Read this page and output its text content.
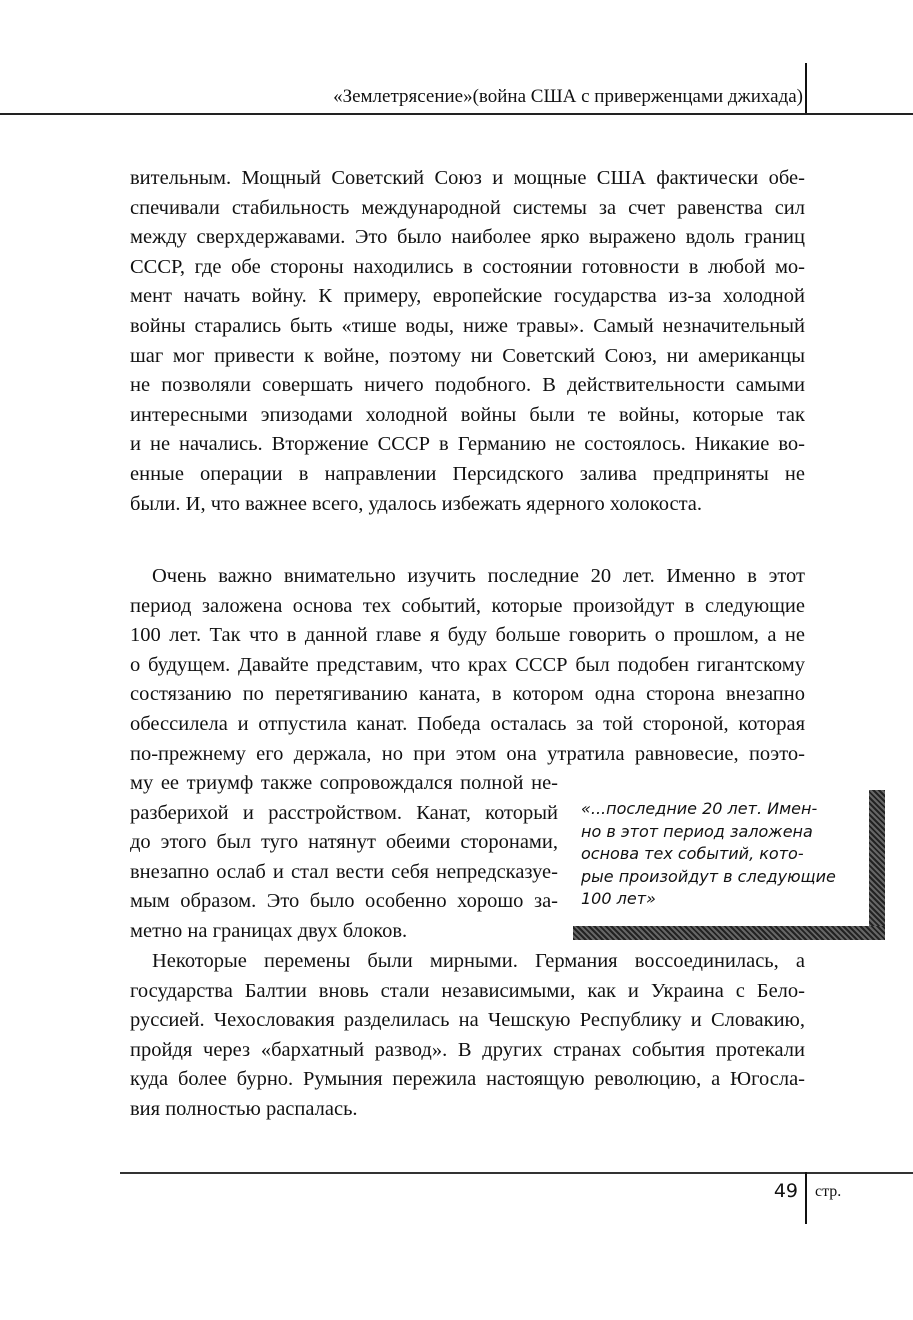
«Землетрясение»(война США с приверженцами джихада)
вительным. Мощный Советский Союз и мощные США фактически обе-
спечивали стабильность международной системы за счет равенства сил
между сверхдержавами. Это было наиболее ярко выражено вдоль границ
СССР, где обе стороны находились в состоянии готовности в любой мо-
мент начать войну. К примеру, европейские государства из-за холодной
войны старались быть «тише воды, ниже травы». Самый незначительный
шаг мог привести к войне, поэтому ни Советский Союз, ни американцы
не позволяли совершать ничего подобного. В действительности самыми
интересными эпизодами холодной войны были те войны, которые так
и не начались. Вторжение СССР в Германию не состоялось. Никакие во-
енные операции в направлении Персидского залива предприняты не
были. И, что важнее всего, удалось избежать ядерного холокоста.
Очень важно внимательно изучить последние 20 лет. Именно в этот
период заложена основа тех событий, которые произойдут в следующие
100 лет. Так что в данной главе я буду больше говорить о прошлом, а не
о будущем. Давайте представим, что крах СССР был подобен гигантскому
состязанию по перетягиванию каната, в котором одна сторона внезапно
обессилела и отпустила канат. Победа осталась за той стороной, которая
по-прежнему его держала, но при этом она утратила равновесие, поэто-
му ее триумф также сопровождался полной не-
разберихой и расстройством. Канат, который
до этого был туго натянут обеими сторонами,
внезапно ослаб и стал вести себя непредсказуе-
мым образом. Это было особенно хорошо за-
метно на границах двух блоков.
Некоторые перемены были мирными. Германия воссоединилась, а
государства Балтии вновь стали независимыми, как и Украина с Бело-
руссией. Чехословакия разделилась на Чешскую Республику и Словакию,
пройдя через «бархатный развод». В других странах события протекали
куда более бурно. Румыния пережила настоящую революцию, а Югосла-
вия полностью распалась.
«...последние 20 лет. Имен-
но в этот период заложена
основа тех событий, кото-
рые произойдут в следующие
100 лет»
49 стр.
